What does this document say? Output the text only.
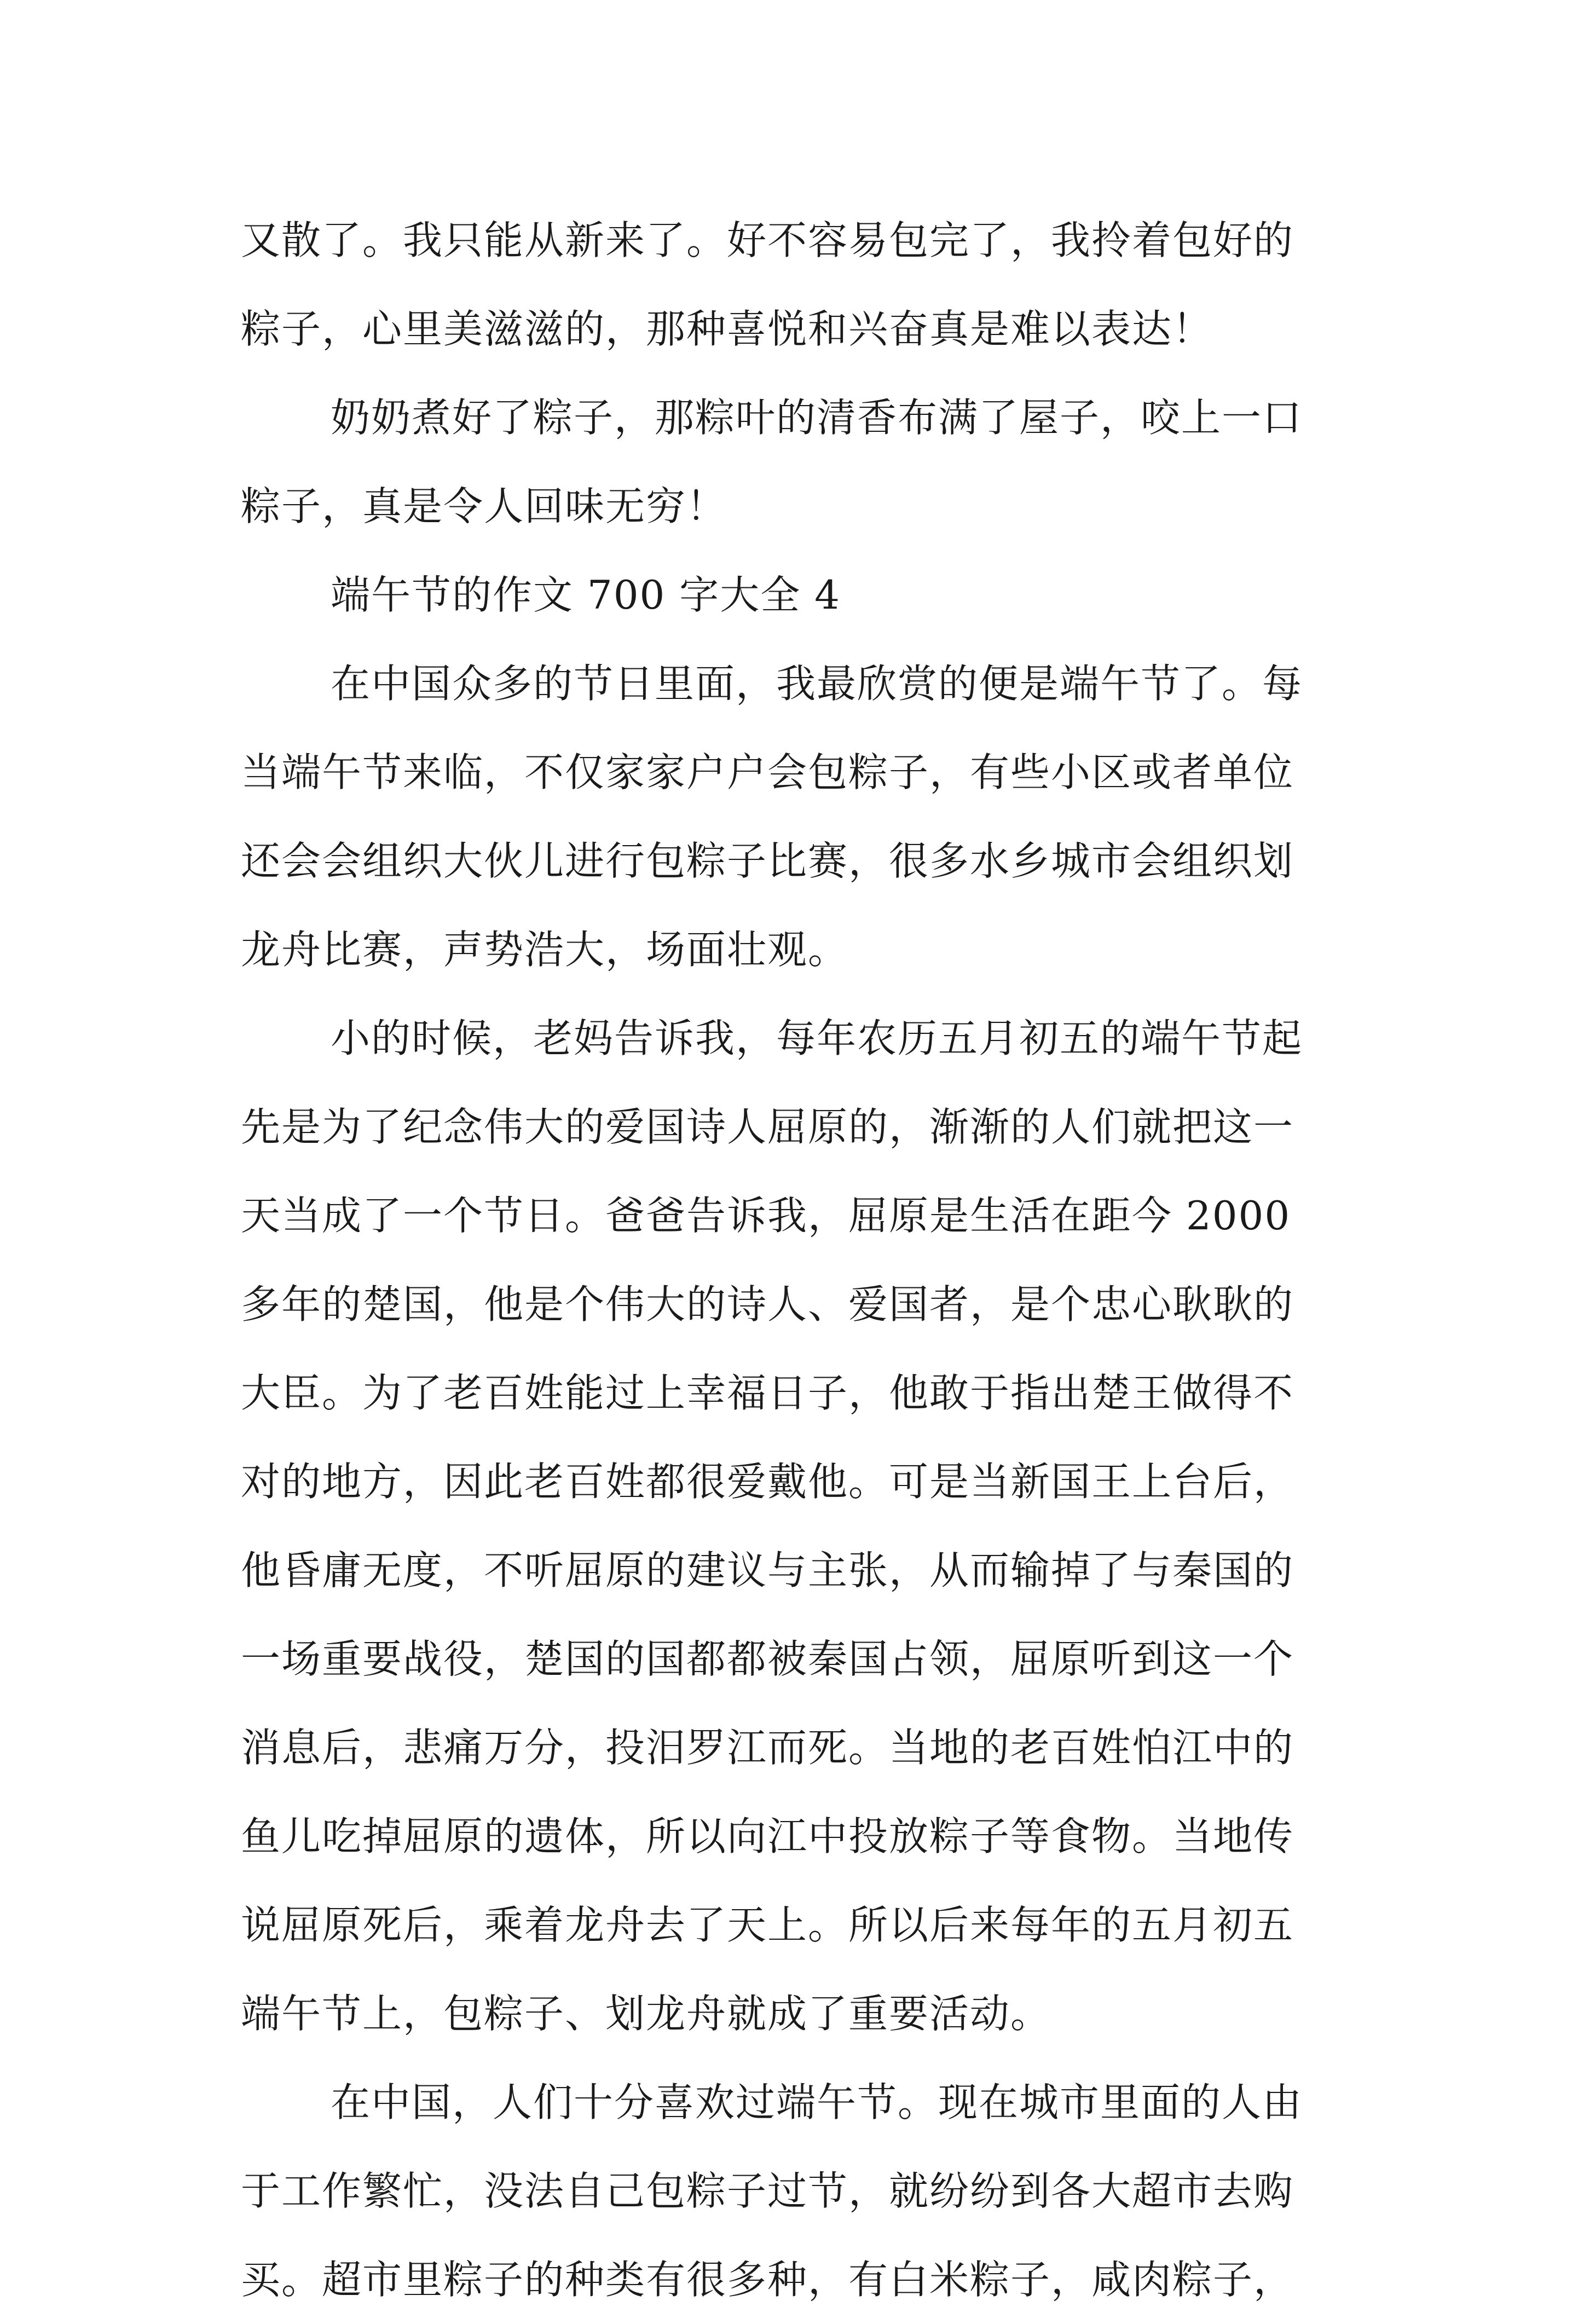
又散了。我只能从新来了。好不容易包完了，我拎着包好的
粽子，心里美滋滋的，那种喜悦和兴奋真是难以表达！
奶奶煮好了粽子，那粽叶的清香布满了屋子，咬上一口
粽子，真是令人回味无穷！
端午节的作文 700 字大全 4
在中国众多的节日里面，我最欣赏的便是端午节了。每
当端午节来临，不仅家家户户会包粽子，有些小区或者单位
还会会组织大伙儿进行包粽子比赛，很多水乡城市会组织划
龙舟比赛，声势浩大，场面壮观。
小的时候，老妈告诉我，每年农历五月初五的端午节起
先是为了纪念伟大的爱国诗人屈原的，渐渐的人们就把这一
天当成了一个节日。爸爸告诉我，屈原是生活在距今 2000
多年的楚国，他是个伟大的诗人、爱国者，是个忠心耿耿的
大臣。为了老百姓能过上幸福日子，他敢于指出楚王做得不
对的地方，因此老百姓都很爱戴他。可是当新国王上台后，
他昏庸无度，不听屈原的建议与主张，从而输掉了与秦国的
一场重要战役，楚国的国都都被秦国占领，屈原听到这一个
消息后，悲痛万分，投汨罗江而死。当地的老百姓怕江中的
鱼儿吃掉屈原的遗体，所以向江中投放粽子等食物。当地传
说屈原死后，乘着龙舟去了天上。所以后来每年的五月初五
端午节上，包粽子、划龙舟就成了重要活动。
在中国，人们十分喜欢过端午节。现在城市里面的人由
于工作繁忙，没法自己包粽子过节，就纷纷到各大超市去购
买。超市里粽子的种类有很多种，有白米粽子，咸肉粽子，
